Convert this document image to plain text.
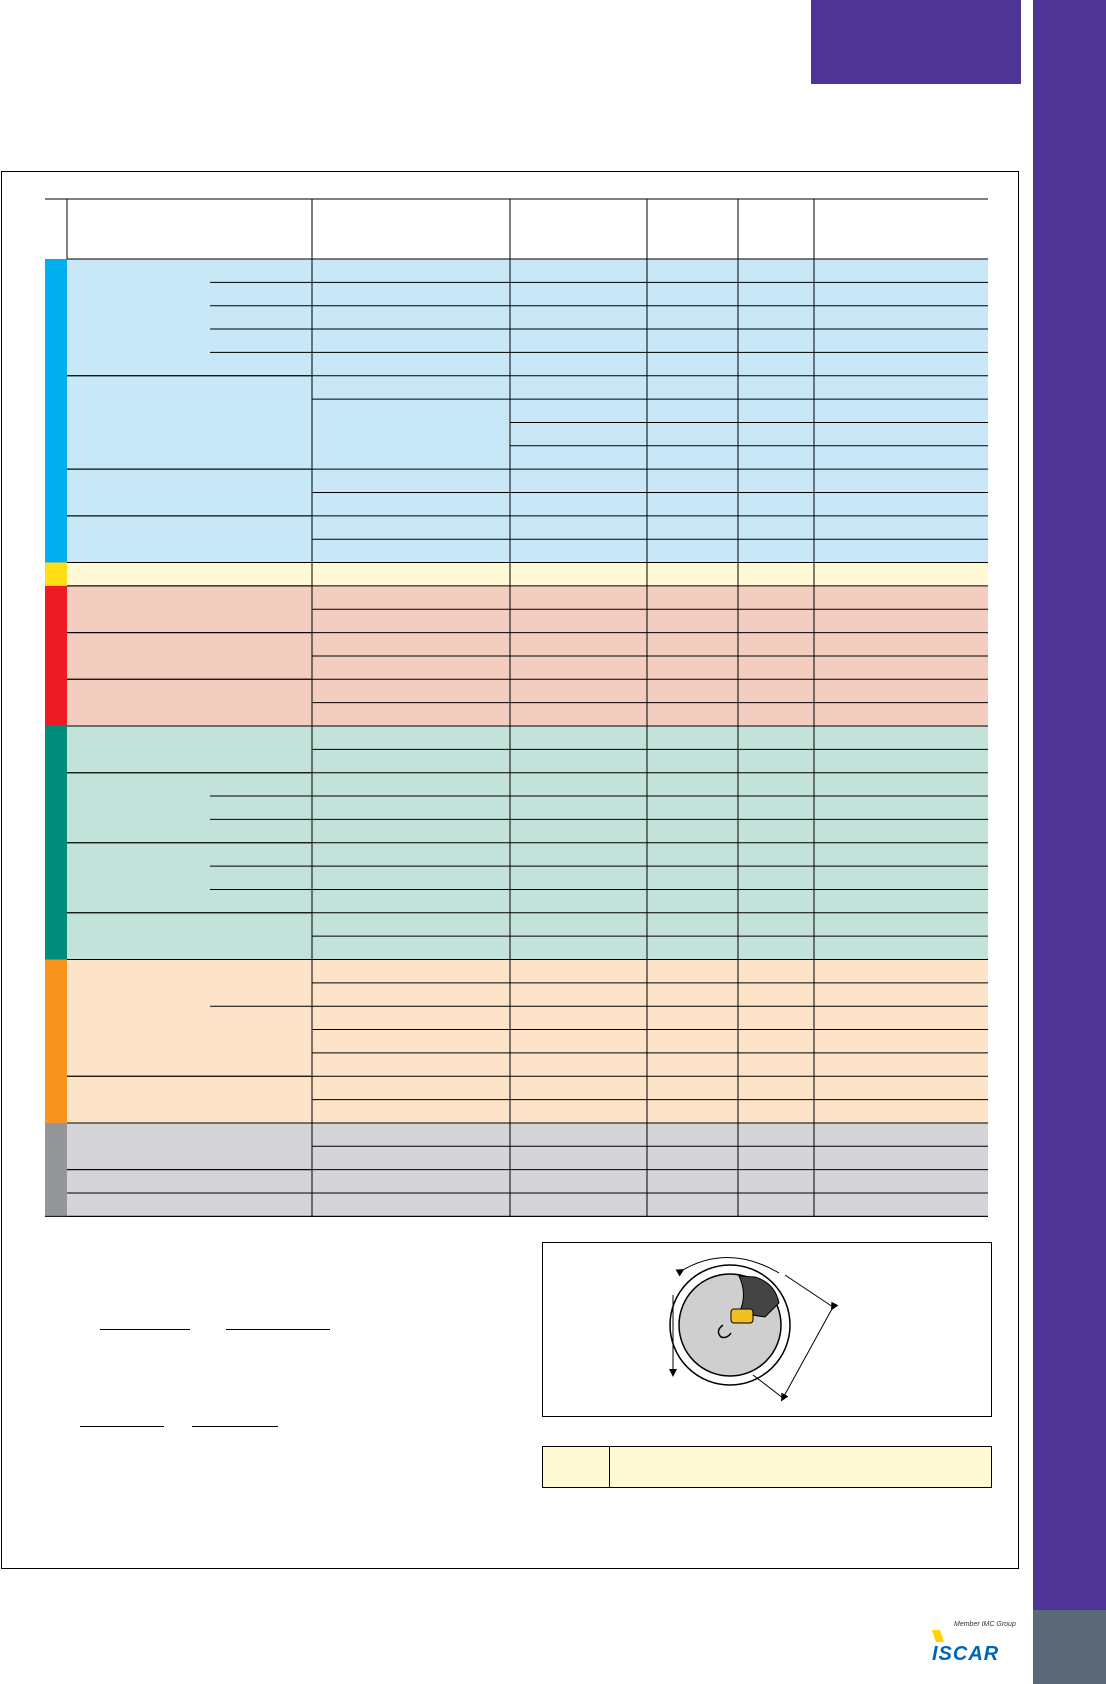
Member IMC Group
ISCAR
